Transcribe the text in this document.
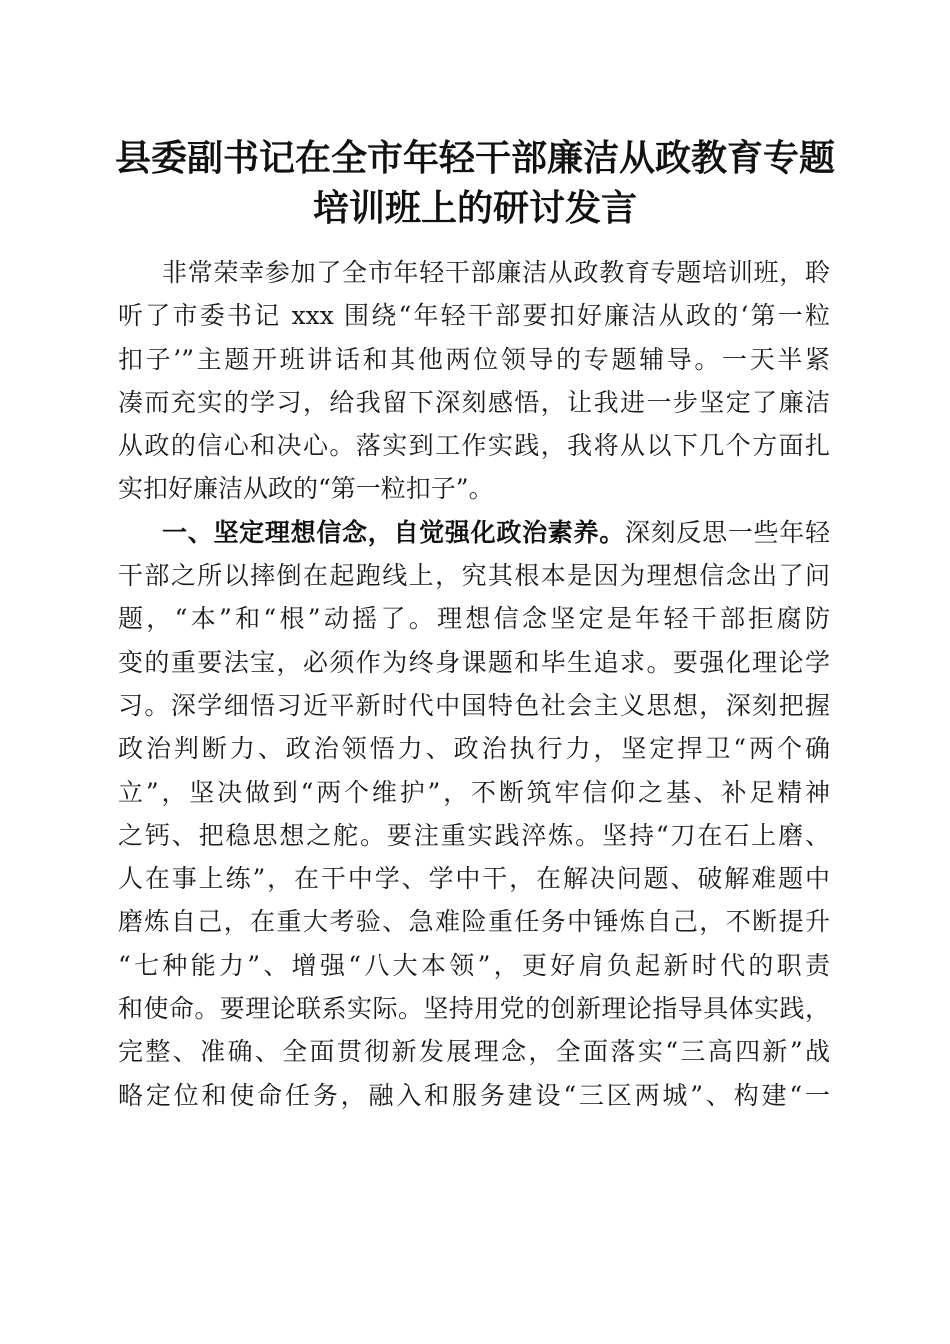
县委副书记在全市年轻干部廉洁从政教育专题
培训班上的研讨发言
非常荣幸参加了全市年轻干部廉洁从政教育专题培训班，聆
听了市委书记 xxx 围绕“年轻干部要扣好廉洁从政的‘第一粒
扣子’”主题开班讲话和其他两位领导的专题辅导。一天半紧
凑而充实的学习，给我留下深刻感悟，让我进一步坚定了廉洁
从政的信心和决心。落实到工作实践，我将从以下几个方面扎
实扣好廉洁从政的“第一粒扣子”。
一、坚定理想信念，自觉强化政治素养。深刻反思一些年轻
干部之所以摔倒在起跑线上，究其根本是因为理想信念出了问
题，“本”和“根”动摇了。理想信念坚定是年轻干部拒腐防
变的重要法宝，必须作为终身课题和毕生追求。要强化理论学
习。深学细悟习近平新时代中国特色社会主义思想，深刻把握
政治判断力、政治领悟力、政治执行力，坚定捍卫“两个确
立”，坚决做到“两个维护”，不断筑牢信仰之基、补足精神
之钙、把稳思想之舵。要注重实践淬炼。坚持“刀在石上磨、
人在事上练”，在干中学、学中干，在解决问题、破解难题中
磨炼自己，在重大考验、急难险重任务中锤炼自己，不断提升
“七种能力”、增强“八大本领”，更好肩负起新时代的职责
和使命。要理论联系实际。坚持用党的创新理论指导具体实践，
完整、准确、全面贯彻新发展理念，全面落实“三高四新”战
略定位和使命任务，融入和服务建设“三区两城”、构建“一
